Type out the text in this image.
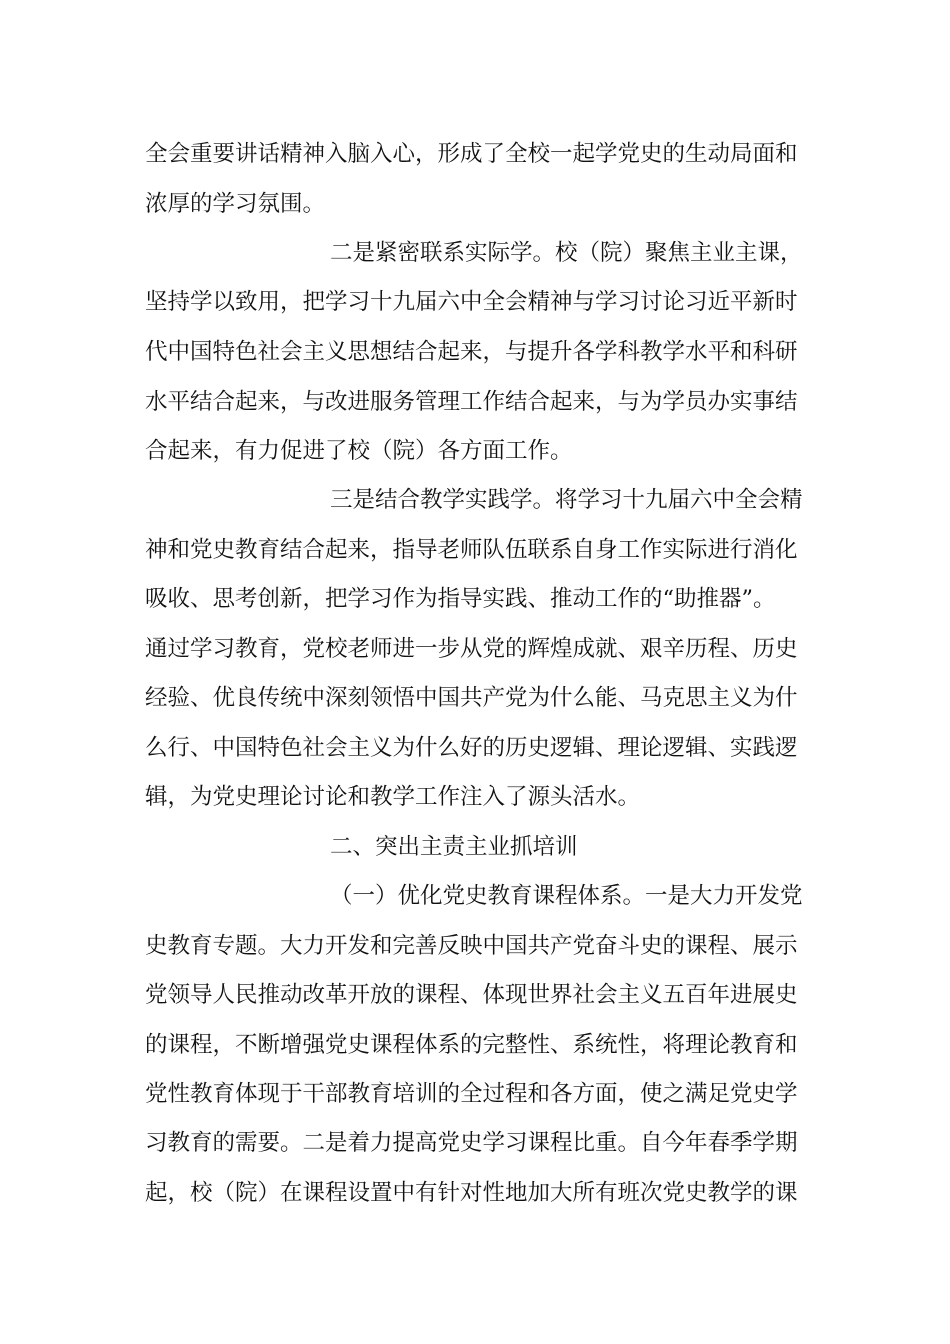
全会重要讲话精神入脑入心，形成了全校一起学党史的生动局面和
浓厚的学习氛围。
二是紧密联系实际学。校（院）聚焦主业主课，
坚持学以致用，把学习十九届六中全会精神与学习讨论习近平新时
代中国特色社会主义思想结合起来，与提升各学科教学水平和科研
水平结合起来，与改进服务管理工作结合起来，与为学员办实事结
合起来，有力促进了校（院）各方面工作。
三是结合教学实践学。将学习十九届六中全会精
神和党史教育结合起来，指导老师队伍联系自身工作实际进行消化
吸收、思考创新，把学习作为指导实践、推动工作的“助推器”。
通过学习教育，党校老师进一步从党的辉煌成就、艰辛历程、历史
经验、优良传统中深刻领悟中国共产党为什么能、马克思主义为什
么行、中国特色社会主义为什么好的历史逻辑、理论逻辑、实践逻
辑，为党史理论讨论和教学工作注入了源头活水。
二、突出主责主业抓培训
（一）优化党史教育课程体系。一是大力开发党
史教育专题。大力开发和完善反映中国共产党奋斗史的课程、展示
党领导人民推动改革开放的课程、体现世界社会主义五百年进展史
的课程，不断增强党史课程体系的完整性、系统性，将理论教育和
党性教育体现于干部教育培训的全过程和各方面，使之满足党史学
习教育的需要。二是着力提高党史学习课程比重。自今年春季学期
起，校（院）在课程设置中有针对性地加大所有班次党史教学的课
